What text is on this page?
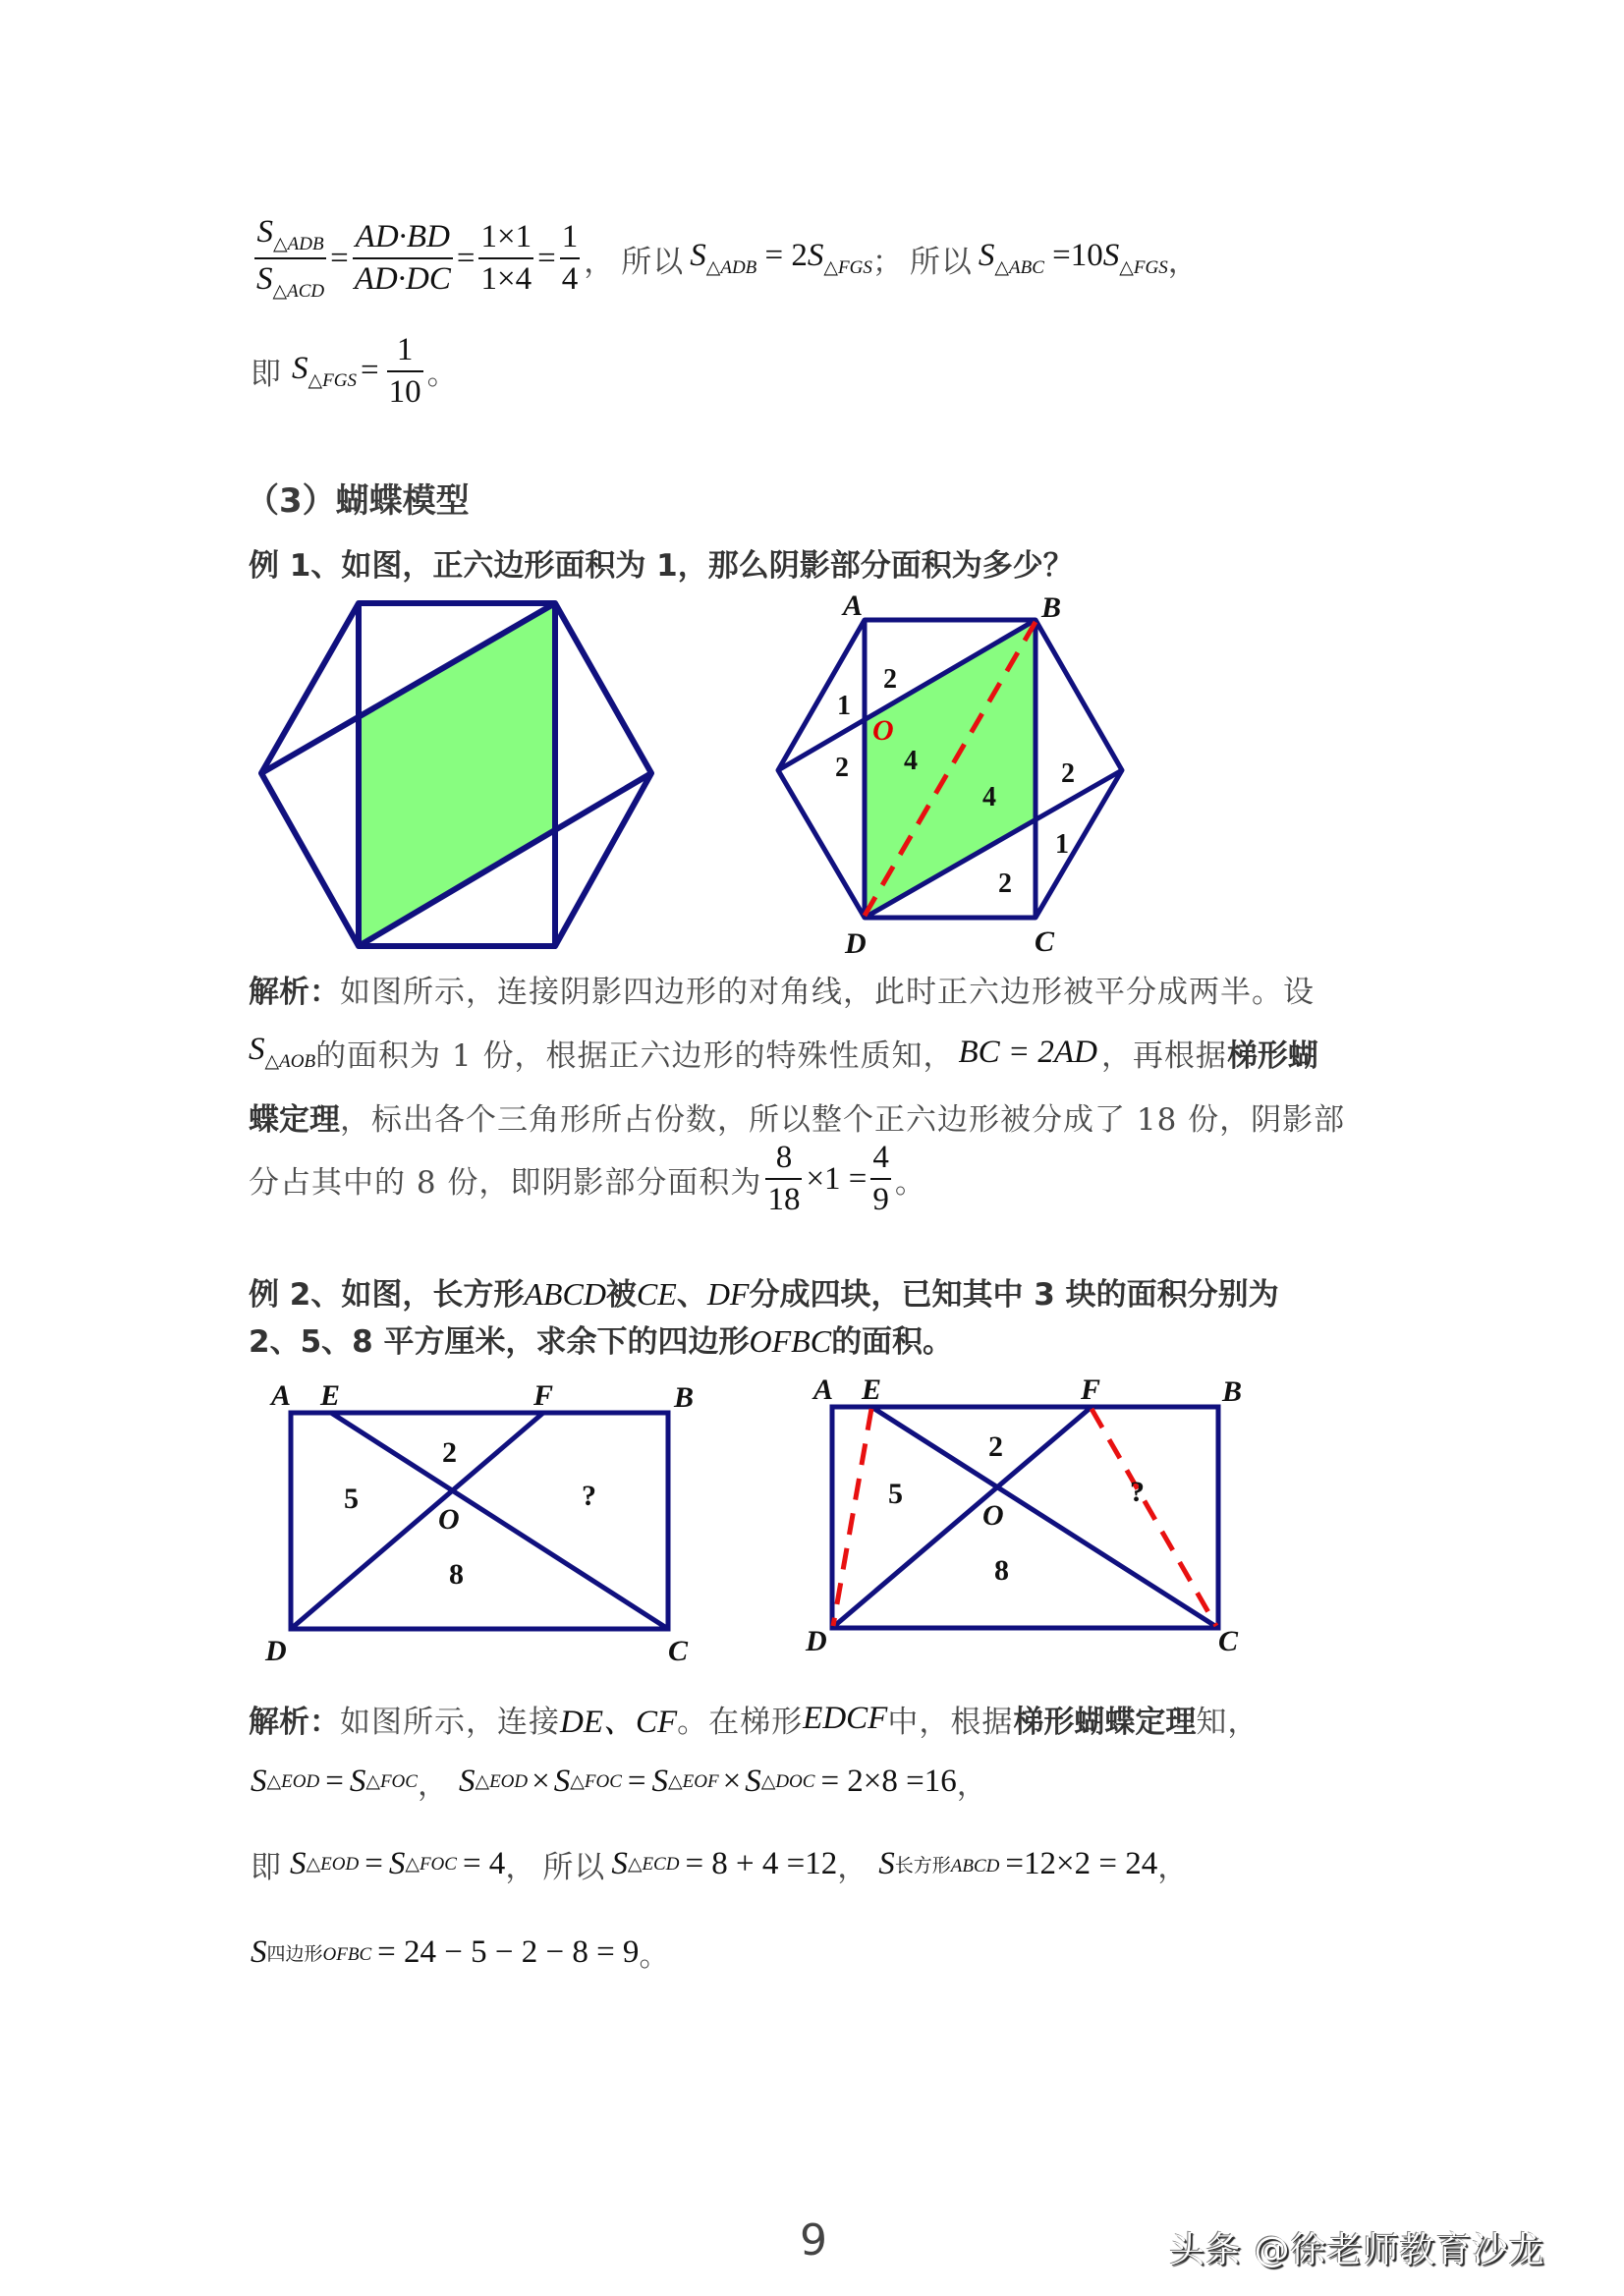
$\frac{S_{\triangle ADB}}{S_{\triangle ACD}} = \frac{AD\cdot BD}{AD\cdot DC} = \frac{1\times 1}{1\times 4} = \frac{1}{4}$ ， 所以 $S_{\triangle ADB} = 2S_{\triangle FGS}$ ； 所以 $S_{\triangle ABC} =10S_{\triangle FGS}$ ，
即 $S_{\triangle FGS} = \frac{1}{10}$ 。
（3）蝴蝶模型
例 1、如图，正六边形面积为 1，那么阴影部分面积为多少？
A	B
C
D
O
2
1
2 4
4
2
1
2
解析： 如图所示，连接阴影四边形的对角线，此时正六边形被平分成两半。设
$S_{\triangle AOB}$ 的面积为 1 份，根据正六边形的特殊性质知， BC = 2AD ，再根据 梯形蝴
蝶定理 ，标出各个三角形所占份数，所以整个正六边形被分成了 18 份，阴影部
分占其中的 8 份，即阴影部分面积为 $\frac{8}{18} \times 1 = \frac{4}{9}$ 。
例 2、如图，长方形ABCD被CE、DF分成四块，已知其中 3 块的面积分别为
2、5、8 平方厘米，求余下的四边形OFBC的面积。
A E	F	B
D	C
O
2
5
8
?
A E	F	B
D	C
O
2
5
8
?
解析： 如图所示，连接 DE、CF 。在梯形 EDCF 中，根据 梯形蝴蝶定理 知，
S △EOD = S △FOC ， S △EOD × S △FOC = S △EOF × S △DOC = 2×8 =16 ，
即 S △EOD = S △FOC = 4 ， 所以 S △ECD = 8 + 4 =12 ， S 长方形ABCD =12×2 = 24 ，
S 四边形OFBC = 24 − 5 − 2 − 8 = 9 。
9	头条 @徐老师教育沙龙
